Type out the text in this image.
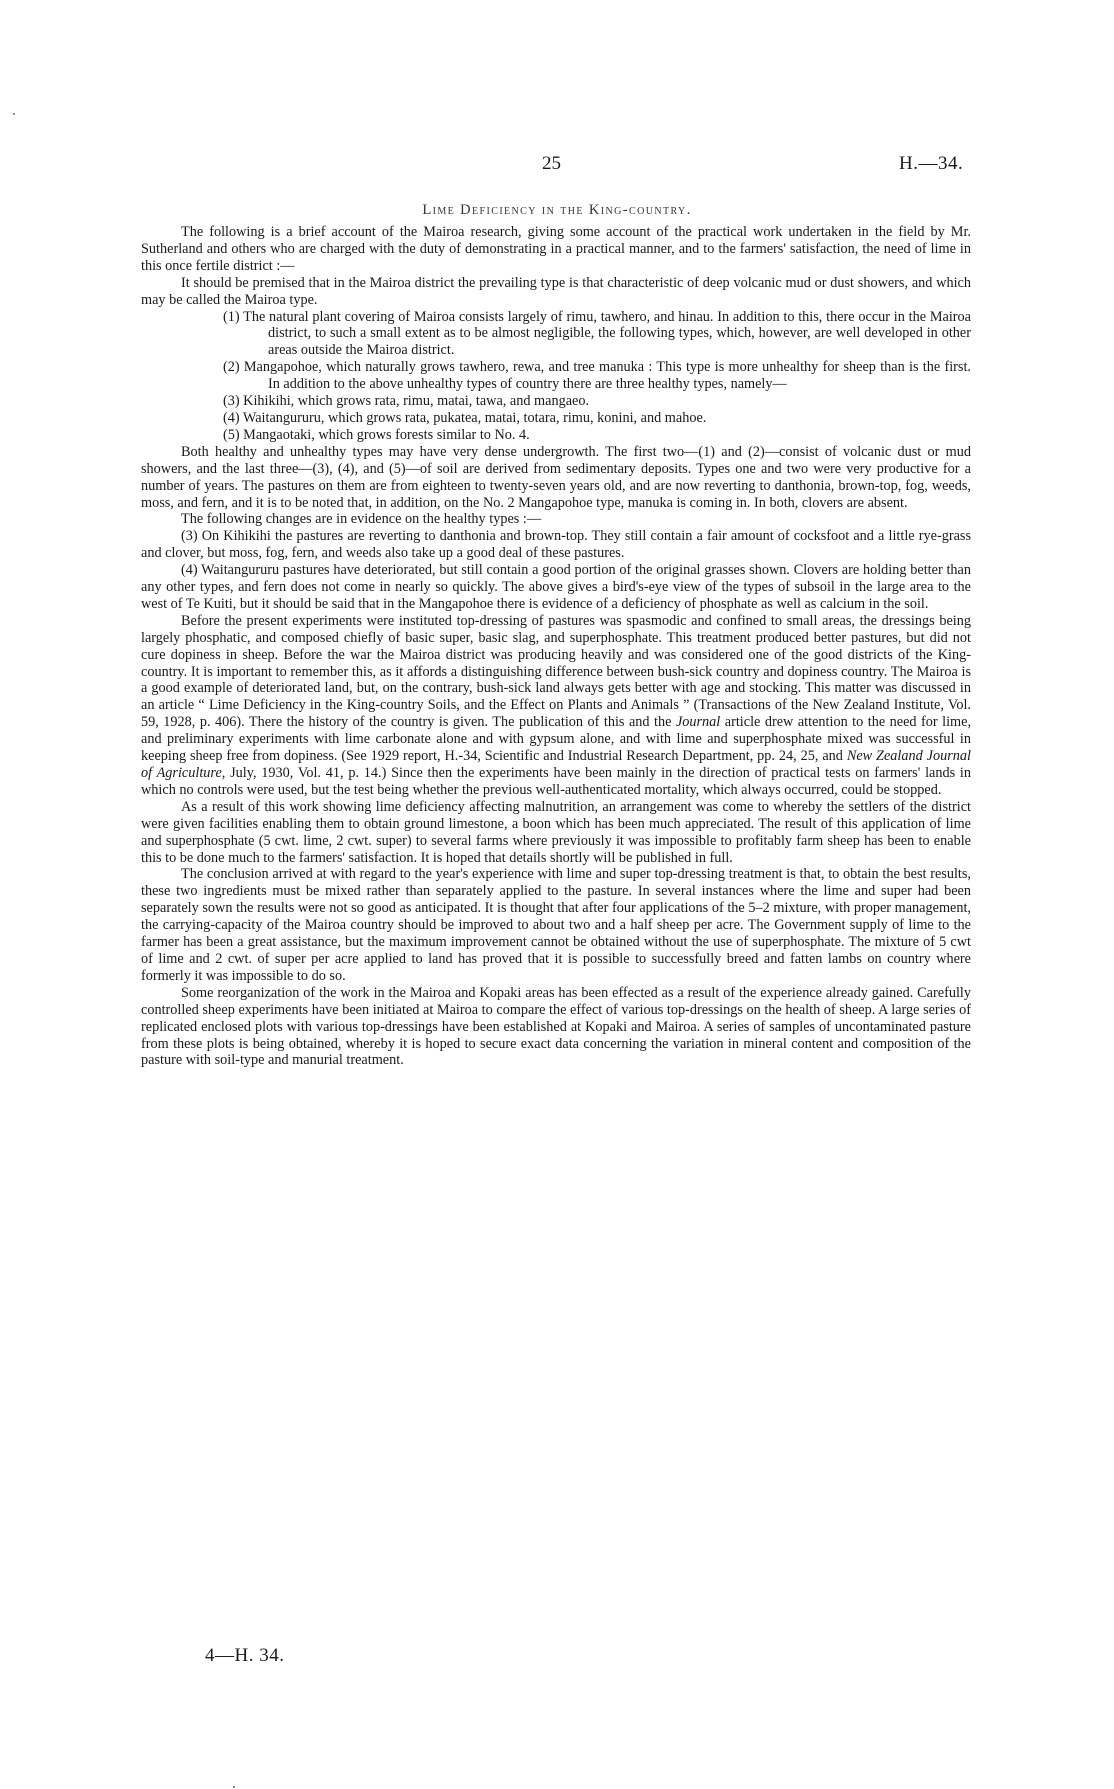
25	H.—34.
Lime Deficiency in the King-country.

The following is a brief account of the Mairoa research, giving some account of the practical work undertaken in the field by Mr. Sutherland and others who are charged with the duty of demonstrating in a practical manner, and to the farmers' satisfaction, the need of lime in this once fertile district :—

It should be premised that in the Mairoa district the prevailing type is that characteristic of deep volcanic mud or dust showers, and which may be called the Mairoa type.

(1) The natural plant covering of Mairoa consists largely of rimu, tawhero, and hinau. In addition to this, there occur in the Mairoa district, to such a small extent as to be almost negligible, the following types, which, however, are well developed in other areas outside the Mairoa district.

(2) Mangapohoe, which naturally grows tawhero, rewa, and tree manuka : This type is more unhealthy for sheep than is the first. In addition to the above unhealthy types of country there are three healthy types, namely—

(3) Kihikihi, which grows rata, rimu, matai, tawa, and mangaeo.

(4) Waitangururu, which grows rata, pukatea, matai, totara, rimu, konini, and mahoe.

(5) Mangaotaki, which grows forests similar to No. 4.

Both healthy and unhealthy types may have very dense undergrowth. The first two—(1) and (2)—consist of volcanic dust or mud showers, and the last three—(3), (4), and (5)—of soil are derived from sedimentary deposits. Types one and two were very productive for a number of years. The pastures on them are from eighteen to twenty-seven years old, and are now reverting to danthonia, brown-top, fog, weeds, moss, and fern, and it is to be noted that, in addition, on the No. 2 Mangapohoe type, manuka is coming in. In both, clovers are absent.

The following changes are in evidence on the healthy types :—

(3) On Kihikihi the pastures are reverting to danthonia and brown-top. They still contain a fair amount of cocksfoot and a little rye-grass and clover, but moss, fog, fern, and weeds also take up a good deal of these pastures.

(4) Waitangururu pastures have deteriorated, but still contain a good portion of the original grasses shown. Clovers are holding better than any other types, and fern does not come in nearly so quickly. The above gives a bird's-eye view of the types of subsoil in the large area to the west of Te Kuiti, but it should be said that in the Mangapohoe there is evidence of a deficiency of phosphate as well as calcium in the soil.

Before the present experiments were instituted top-dressing of pastures was spasmodic and confined to small areas, the dressings being largely phosphatic, and composed chiefly of basic super, basic slag, and superphosphate. This treatment produced better pastures, but did not cure dopiness in sheep. Before the war the Mairoa district was producing heavily and was considered one of the good districts of the King-country. It is important to remember this, as it affords a distinguishing difference between bush-sick country and dopiness country. The Mairoa is a good example of deteriorated land, but, on the contrary, bush-sick land always gets better with age and stocking. This matter was discussed in an article “ Lime Deficiency in the King-country Soils, and the Effect on Plants and Animals ” (Transactions of the New Zealand Institute, Vol. 59, 1928, p. 406). There the history of the country is given. The publication of this and the Journal article drew attention to the need for lime, and preliminary experiments with lime carbonate alone and with gypsum alone, and with lime and superphosphate mixed was successful in keeping sheep free from dopiness. (See 1929 report, H.-34, Scientific and Industrial Research Department, pp. 24, 25, and New Zealand Journal of Agriculture, July, 1930, Vol. 41, p. 14.) Since then the experiments have been mainly in the direction of practical tests on farmers' lands in which no controls were used, but the test being whether the previous well-authenticated mortality, which always occurred, could be stopped.

As a result of this work showing lime deficiency affecting malnutrition, an arrangement was come to whereby the settlers of the district were given facilities enabling them to obtain ground limestone, a boon which has been much appreciated. The result of this application of lime and superphosphate (5 cwt. lime, 2 cwt. super) to several farms where previously it was impossible to profitably farm sheep has been to enable this to be done much to the farmers' satisfaction. It is hoped that details shortly will be published in full.

The conclusion arrived at with regard to the year's experience with lime and super top-dressing treatment is that, to obtain the best results, these two ingredients must be mixed rather than separately applied to the pasture. In several instances where the lime and super had been separately sown the results were not so good as anticipated. It is thought that after four applications of the 5–2 mixture, with proper management, the carrying-capacity of the Mairoa country should be improved to about two and a half sheep per acre. The Government supply of lime to the farmer has been a great assistance, but the maximum improvement cannot be obtained without the use of superphosphate. The mixture of 5 cwt of lime and 2 cwt. of super per acre applied to land has proved that it is possible to successfully breed and fatten lambs on country where formerly it was impossible to do so.

Some reorganization of the work in the Mairoa and Kopaki areas has been effected as a result of the experience already gained. Carefully controlled sheep experiments have been initiated at Mairoa to compare the effect of various top-dressings on the health of sheep. A large series of replicated enclosed plots with various top-dressings have been established at Kopaki and Mairoa. A series of samples of uncontaminated pasture from these plots is being obtained, whereby it is hoped to secure exact data concerning the variation in mineral content and composition of the pasture with soil-type and manurial treatment.

4—H. 34.
